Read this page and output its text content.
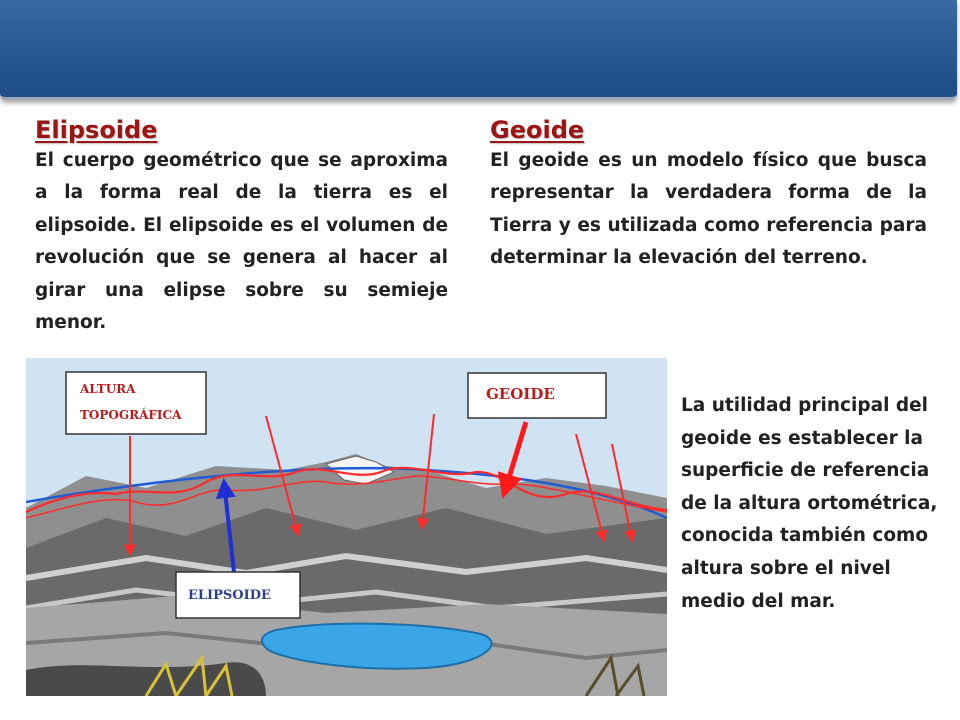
Elipsoide

El cuerpo geométrico que se aproxima a la forma real de la tierra es el elipsoide. El elipsoide es el volumen de revolución que se genera al hacer al girar una elipse sobre su semieje menor.

Geoide

El geoide es un modelo físico que busca representar la verdadera forma de la Tierra y es utilizada como referencia para determinar la elevación del terreno.

ALTURA
TOPOGRÁFICA
GEOIDE
ELIPSOIDE

La utilidad principal del geoide es establecer la superficie de referencia de la altura ortométrica, conocida también como altura sobre el nivel medio del mar.
